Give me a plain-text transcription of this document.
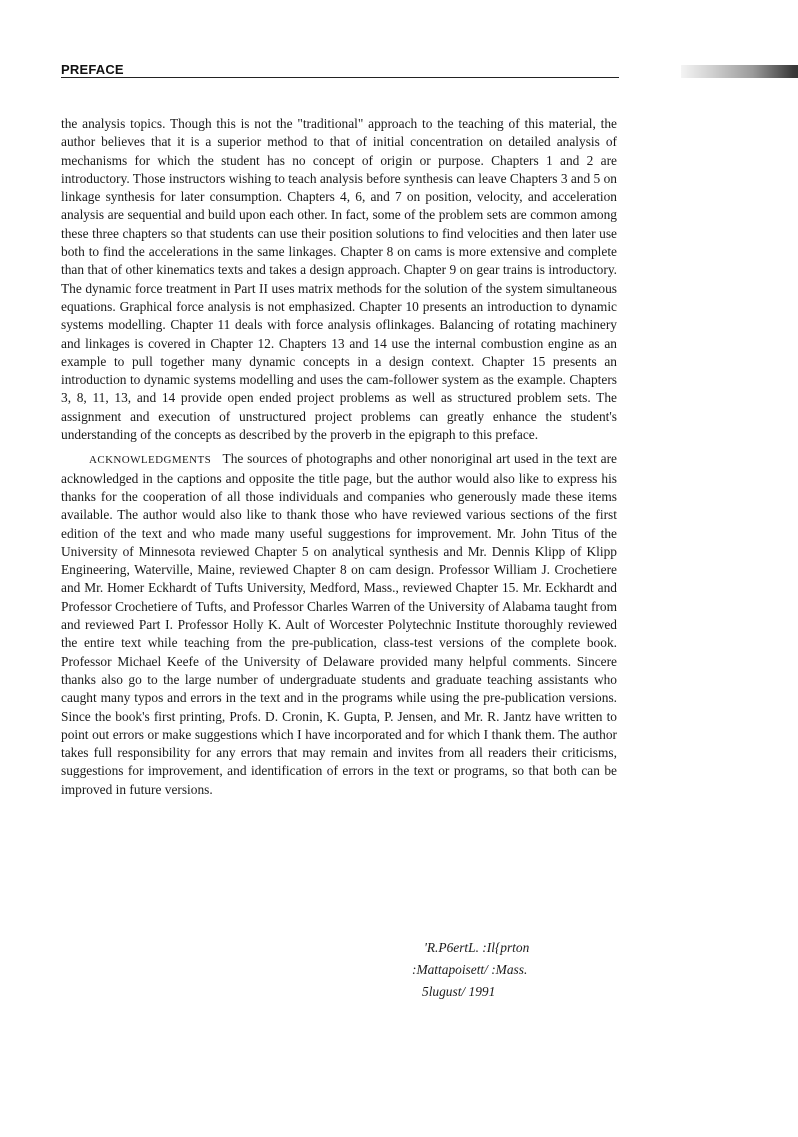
PREFACE

the analysis topics. Though this is not the "traditional" approach to the teaching of this material, the author believes that it is a superior method to that of initial concentration on detailed analysis of mechanisms for which the student has no concept of origin or purpose. Chapters 1 and 2 are introductory. Those instructors wishing to teach analysis before synthesis can leave Chapters 3 and 5 on linkage synthesis for later consumption. Chapters 4, 6, and 7 on position, velocity, and acceleration analysis are sequential and build upon each other. In fact, some of the problem sets are common among these three chapters so that students can use their position solutions to find velocities and then later use both to find the accelerations in the same linkages. Chapter 8 on cams is more extensive and complete than that of other kinematics texts and takes a design approach. Chapter 9 on gear trains is introductory. The dynamic force treatment in Part II uses matrix methods for the solution of the system simultaneous equations. Graphical force analysis is not emphasized. Chapter 10 presents an introduction to dynamic systems modelling. Chapter 11 deals with force analysis oflinkages. Balancing of rotating machinery and linkages is covered in Chapter 12. Chapters 13 and 14 use the internal combustion engine as an example to pull together many dynamic concepts in a design context. Chapter 15 presents an introduction to dynamic systems modelling and uses the cam-follower system as the example. Chapters 3, 8, 11, 13, and 14 provide open ended project problems as well as structured problem sets. The assignment and execution of unstructured project problems can greatly enhance the student's understanding of the concepts as described by the proverb in the epigraph to this preface.

ACKNOWLEDGMENTS The sources of photographs and other nonoriginal art used in the text are acknowledged in the captions and opposite the title page, but the author would also like to express his thanks for the cooperation of all those individuals and companies who generously made these items available. The author would also like to thank those who have reviewed various sections of the first edition of the text and who made many useful suggestions for improvement. Mr. John Titus of the University of Minnesota reviewed Chapter 5 on analytical synthesis and Mr. Dennis Klipp of Klipp Engineering, Waterville, Maine, reviewed Chapter 8 on cam design. Professor William J. Crochetiere and Mr. Homer Eckhardt of Tufts University, Medford, Mass., reviewed Chapter 15. Mr. Eckhardt and Professor Crochetiere of Tufts, and Professor Charles Warren of the University of Alabama taught from and reviewed Part I. Professor Holly K. Ault of Worcester Polytechnic Institute thoroughly reviewed the entire text while teaching from the pre-publication, class-test versions of the complete book. Professor Michael Keefe of the University of Delaware provided many helpful comments. Sincere thanks also go to the large number of undergraduate students and graduate teaching assistants who caught many typos and errors in the text and in the programs while using the pre-publication versions. Since the book's first printing, Profs. D. Cronin, K. Gupta, P. Jensen, and Mr. R. Jantz have written to point out errors or make suggestions which I have incorporated and for which I thank them. The author takes full responsibility for any errors that may remain and invites from all readers their criticisms, suggestions for improvement, and identification of errors in the text or programs, so that both can be improved in future versions.

'R.P6ertL. :Il{prton
:Mattapoisett/ :Mass.
5lugust/ 1991
